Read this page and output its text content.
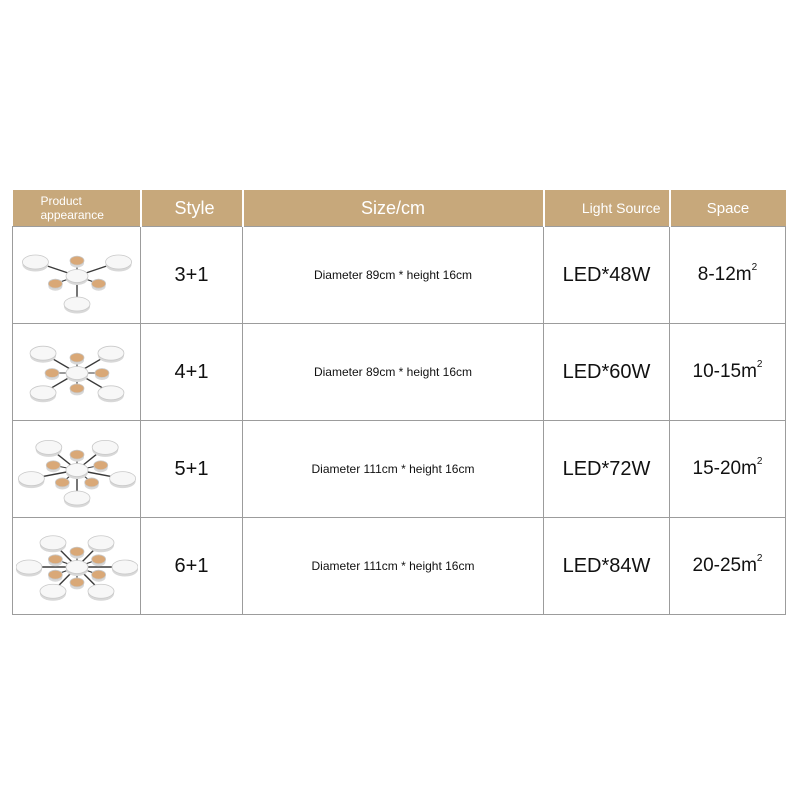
Product appearance	Style	Size/cm	Light Source	Space

	3+1	Diameter 89cm * height 16cm	LED*48W	$8-12m^2$

	4+1	Diameter 89cm * height 16cm	LED*60W	$10-15m^2$

	5+1	Diameter 111cm * height 16cm	LED*72W	$15-20m^2$

	6+1	Diameter 111cm * height 16cm	LED*84W	$20-25m^2$
